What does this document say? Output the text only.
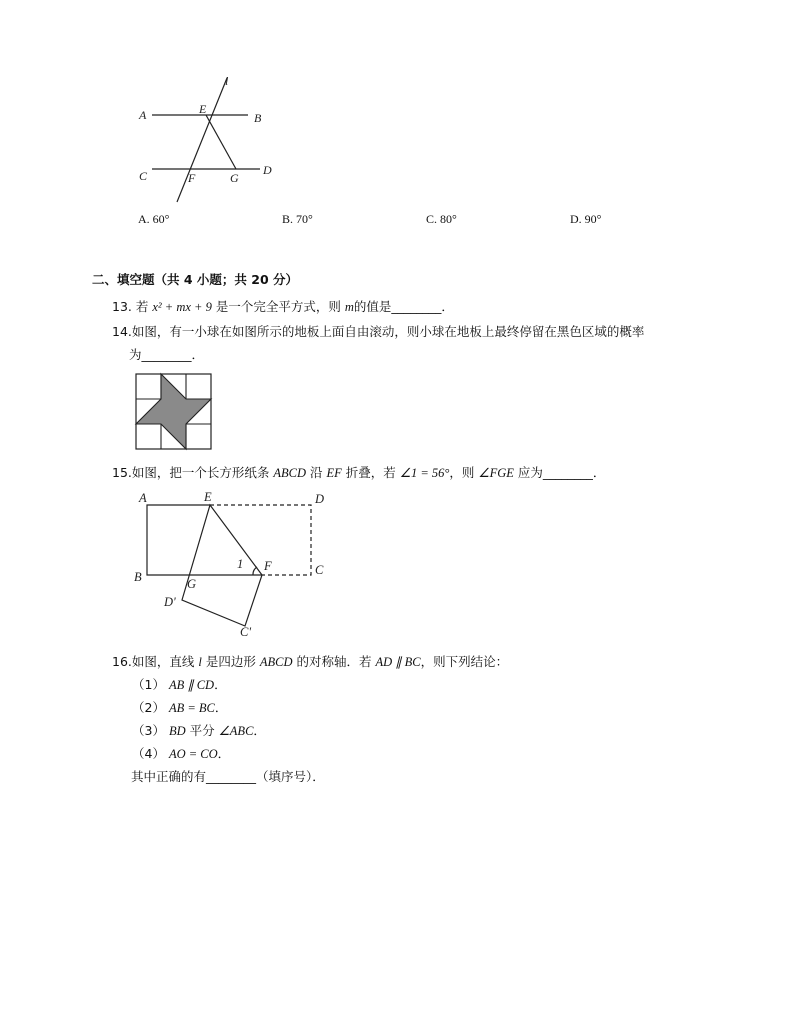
l
A	E
B
C	F	G
D
A. 60°	B. 70°	C. 80°	D. 90°
二、填空题（共 4 小题；共 20 分）
13. 若 x² + mx + 9 是一个完全平方式，则 m的值是________．
14.如图，有一小球在如图所示的地板上面自由滚动，则小球在地板上最终停留在黑色区域的概率
为________．
15.如图，把一个长方形纸条 ABCD 沿 EF 折叠，若 ∠1 = 56°，则 ∠FGE 应为________．
A	E	D
B	G
1 F	C
D'
C'
16.如图，直线 l 是四边形 ABCD 的对称轴．若 AD ∥ BC，则下列结论：
（1） AB ∥ CD．
（2） AB = BC．
（3） BD 平分 ∠ABC．
（4） AO = CO．
其中正确的有________（填序号）．
